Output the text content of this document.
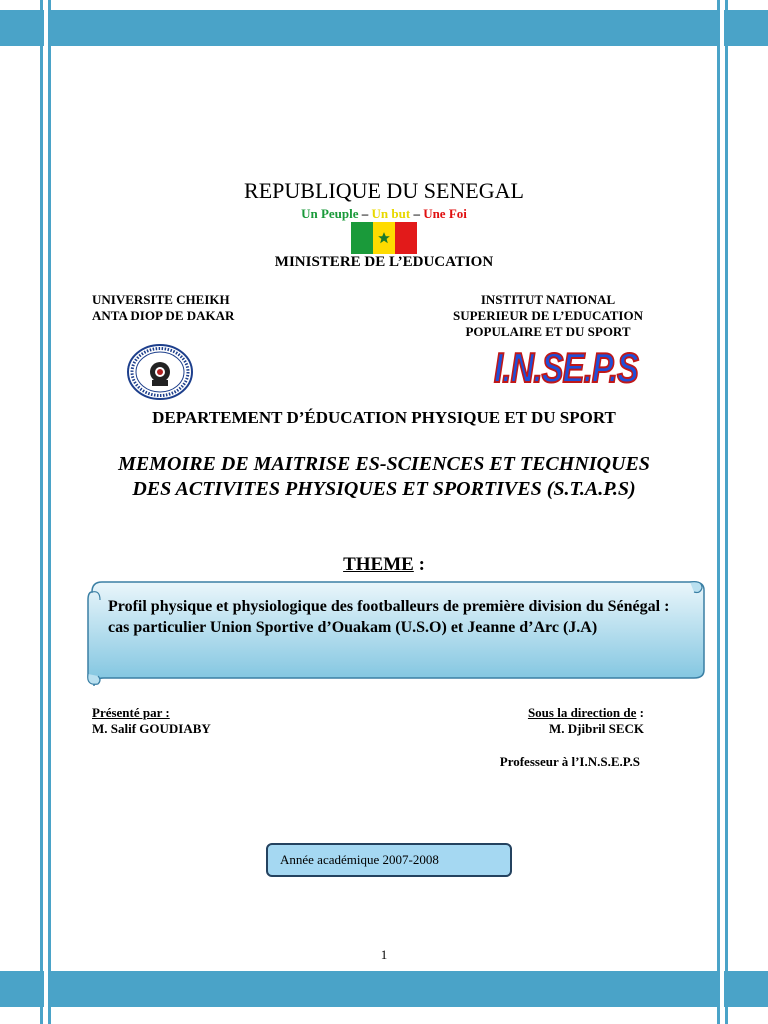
REPUBLIQUE DU SENEGAL
Un Peuple – Un but – Une Foi
MINISTERE DE L’EDUCATION
UNIVERSITE CHEIKH
ANTA DIOP DE DAKAR
INSTITUT NATIONAL
SUPERIEUR DE L’EDUCATION
POPULAIRE ET DU SPORT
I.N.SE.P.S
DEPARTEMENT D’ÉDUCATION PHYSIQUE ET DU SPORT
MEMOIRE DE MAITRISE ES-SCIENCES ET TECHNIQUES DES ACTIVITES PHYSIQUES ET SPORTIVES (S.T.A.P.S)
THEME :
Profil physique et physiologique des footballeurs de première division du Sénégal : cas particulier Union Sportive d’Ouakam (U.S.O) et Jeanne d’Arc (J.A)
Présenté par :
M. Salif GOUDIABY
Sous la direction de :
M. Djibril SECK
Professeur à l’I.N.S.E.P.S
Année académique 2007-2008
1
